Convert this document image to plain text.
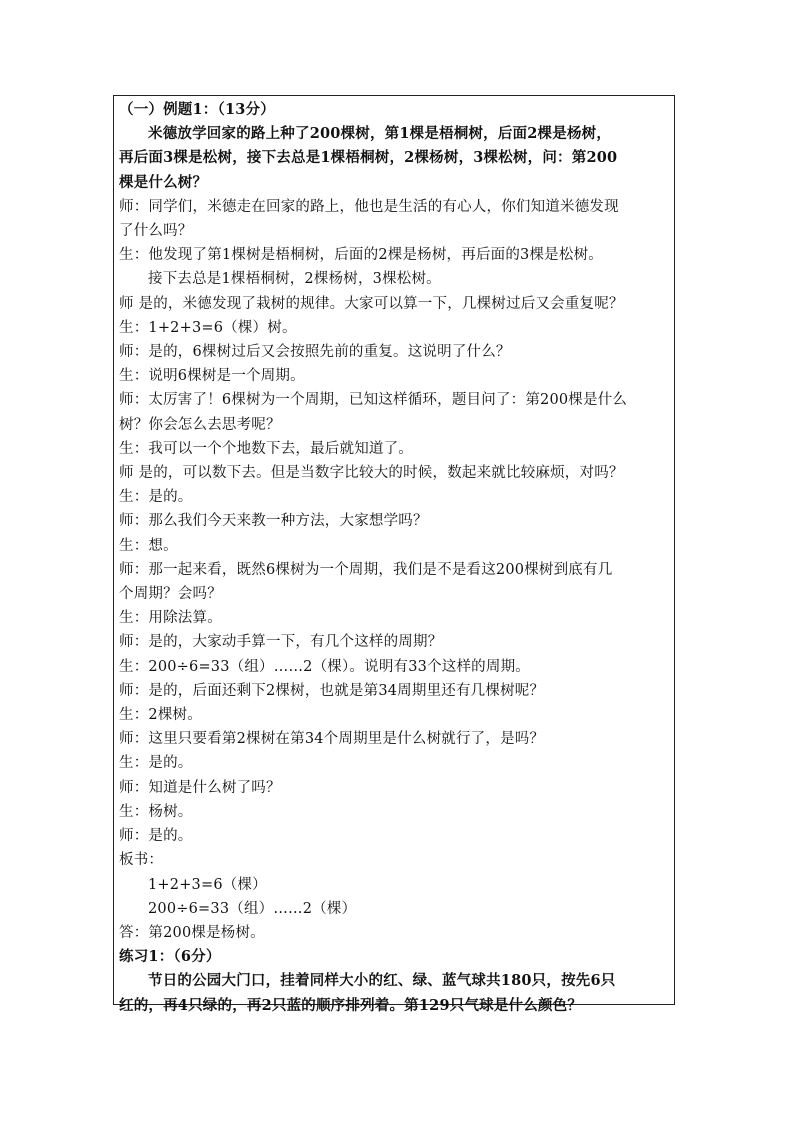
（一）例题1：（13分）
米德放学回家的路上种了200棵树，第1棵是梧桐树，后面2棵是杨树，
再后面3棵是松树，接下去总是1棵梧桐树，2棵杨树，3棵松树，问：第200
棵是什么树？
师：同学们，米德走在回家的路上，他也是生活的有心人，你们知道米德发现
了什么吗？
生：他发现了第1棵树是梧桐树，后面的2棵是杨树，再后面的3棵是松树。
接下去总是1棵梧桐树，2棵杨树，3棵松树。
师 是的，米德发现了栽树的规律。大家可以算一下，几棵树过后又会重复呢？
生：1+2+3=6（棵）树。
师：是的，6棵树过后又会按照先前的重复。这说明了什么？
生：说明6棵树是一个周期。
师：太厉害了！6棵树为一个周期，已知这样循环，题目问了：第200棵是什么
树？你会怎么去思考呢？
生：我可以一个个地数下去，最后就知道了。
师 是的，可以数下去。但是当数字比较大的时候，数起来就比较麻烦，对吗？
生：是的。
师：那么我们今天来教一种方法，大家想学吗？
生：想。
师：那一起来看，既然6棵树为一个周期，我们是不是看这200棵树到底有几
个周期？会吗？
生：用除法算。
师：是的，大家动手算一下，有几个这样的周期？
生：200÷6=33（组）……2（棵）。说明有33个这样的周期。
师：是的，后面还剩下2棵树，也就是第34周期里还有几棵树呢？
生：2棵树。
师：这里只要看第2棵树在第34个周期里是什么树就行了，是吗？
生：是的。
师：知道是什么树了吗？
生：杨树。
师：是的。
板书：
1+2+3=6（棵）
200÷6=33（组）……2（棵）
答：第200棵是杨树。
练习1：（6分）
节日的公园大门口，挂着同样大小的红、绿、蓝气球共180只，按先6只
红的，再4只绿的，再2只蓝的顺序排列着。第129只气球是什么颜色？
